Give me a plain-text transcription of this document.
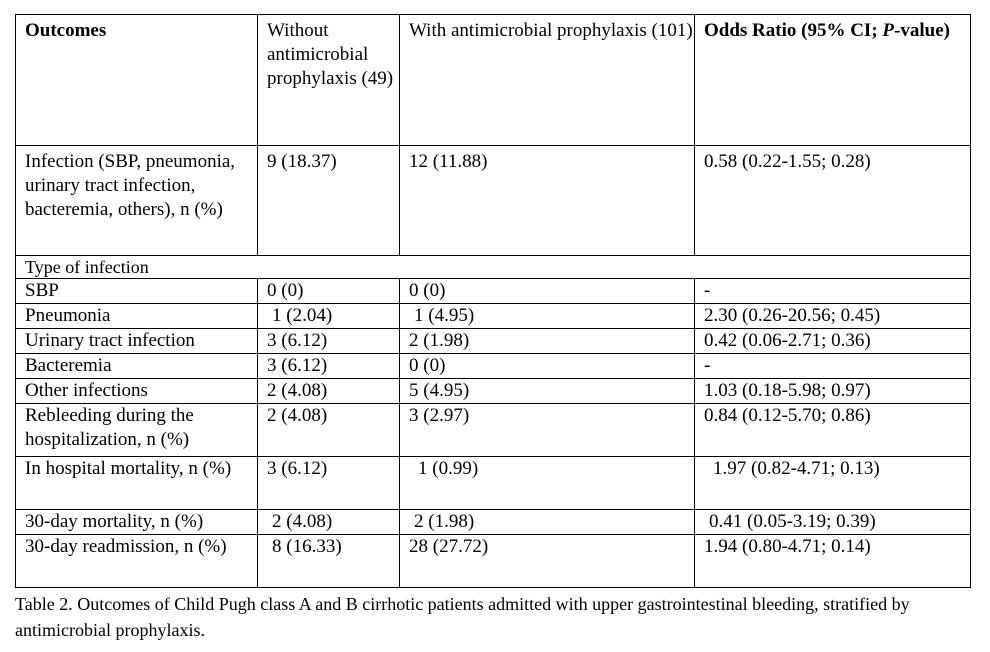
Outcomes	Without antimicrobial prophylaxis (49)	With antimicrobial prophylaxis (101)	Odds Ratio (95% CI; P-value)
Infection (SBP, pneumonia, urinary tract infection, bacteremia, others), n (%)	9 (18.37)	12 (11.88)	0.58 (0.22-1.55; 0.28)
Type of infection			
SBP	0 (0)	0 (0)	-
Pneumonia	1 (2.04)	1 (4.95)	2.30 (0.26-20.56; 0.45)
Urinary tract infection	3 (6.12)	2 (1.98)	0.42 (0.06-2.71; 0.36)
Bacteremia	3 (6.12)	0 (0)	-
Other infections	2 (4.08)	5 (4.95)	1.03 (0.18-5.98; 0.97)
Rebleeding during the hospitalization, n (%)	2 (4.08)	3 (2.97)	0.84 (0.12-5.70; 0.86)
In hospital mortality, n (%)	3 (6.12)	1 (0.99)	1.97 (0.82-4.71; 0.13)
30-day mortality, n (%)	2 (4.08)	2 (1.98)	0.41 (0.05-3.19; 0.39)
30-day readmission, n (%)	8 (16.33)	28 (27.72)	1.94 (0.80-4.71; 0.14)
Table 2. Outcomes of Child Pugh class A and B cirrhotic patients admitted with upper gastrointestinal bleeding, stratified by antimicrobial prophylaxis.
